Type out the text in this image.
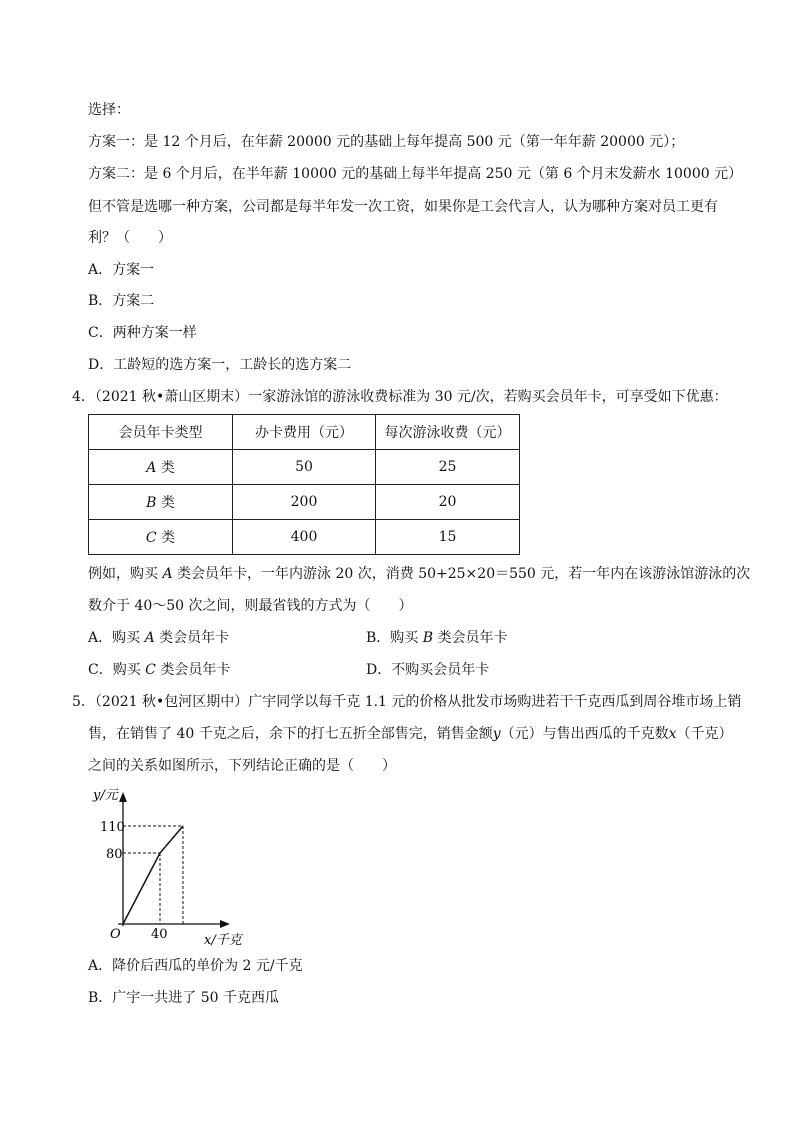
选择：
方案一：是 12 个月后，在年薪 20000 元的基础上每年提高 500 元（第一年年薪 20000 元）；
方案二：是 6 个月后，在半年薪 10000 元的基础上每半年提高 250 元（第 6 个月末发薪水 10000 元）
但不管是选哪一种方案，公司都是每半年发一次工资，如果你是工会代言人，认为哪种方案对员工更有
利？（　　）
A．方案一
B．方案二
C．两种方案一样
D．工龄短的选方案一，工龄长的选方案二
4．（2021 秋•萧山区期末）一家游泳馆的游泳收费标准为 30 元/次，若购买会员年卡，可享受如下优惠：
会员年卡类型	办卡费用（元）	每次游泳收费（元）
A 类	50	25
B 类	200	20
C 类	400	15
例如，购买 A 类会员年卡，一年内游泳 20 次，消费 50+25×20＝550 元，若一年内在该游泳馆游泳的次
数介于 40～50 次之间，则最省钱的方式为（　　）
A．购买 A 类会员年卡	B．购买 B 类会员年卡
C．购买 C 类会员年卡	D．不购买会员年卡
5．（2021 秋•包河区期中）广宇同学以每千克 1.1 元的价格从批发市场购进若干千克西瓜到周谷堆市场上销
售，在销售了 40 千克之后，余下的打七五折全部售完，销售金额y（元）与售出西瓜的千克数x（千克）
之间的关系如图所示，下列结论正确的是（　　）
y/元
110
80
O 40	x/千克
A．降价后西瓜的单价为 2 元/千克
B．广宇一共进了 50 千克西瓜
